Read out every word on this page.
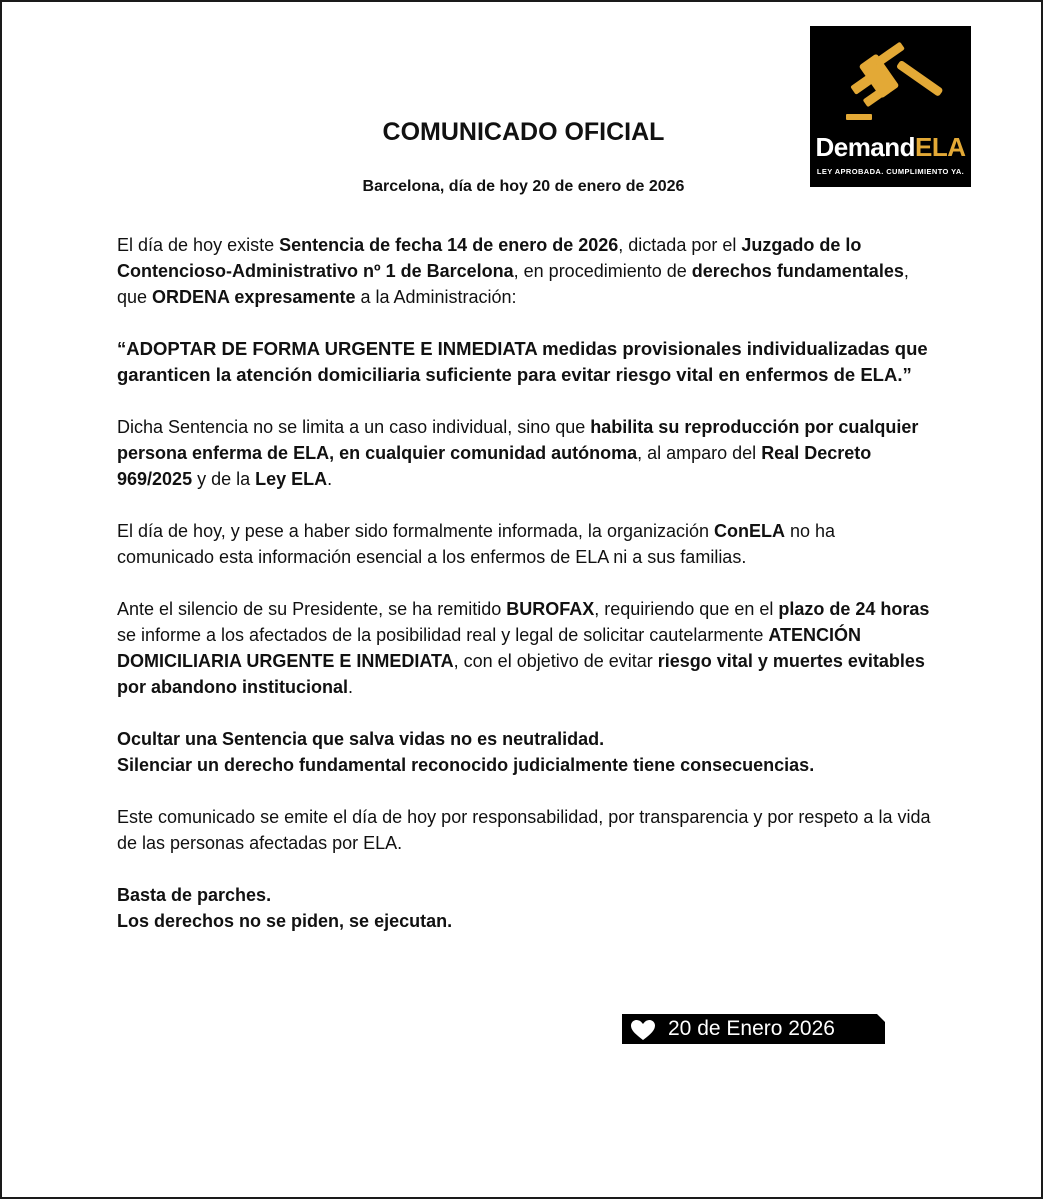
DemandELA
LEY APROBADA. CUMPLIMIENTO YA.
COMUNICADO OFICIAL
Barcelona, día de hoy 20 de enero de 2026

El día de hoy existe Sentencia de fecha 14 de enero de 2026, dictada por el Juzgado de lo Contencioso-Administrativo nº 1 de Barcelona, en procedimiento de derechos fundamentales, que ORDENA expresamente a la Administración:

“ADOPTAR DE FORMA URGENTE E INMEDIATA medidas provisionales individualizadas que garanticen la atención domiciliaria suficiente para evitar riesgo vital en enfermos de ELA.”

Dicha Sentencia no se limita a un caso individual, sino que habilita su reproducción por cualquier persona enferma de ELA, en cualquier comunidad autónoma, al amparo del Real Decreto 969/2025 y de la Ley ELA.

El día de hoy, y pese a haber sido formalmente informada, la organización ConELA no ha comunicado esta información esencial a los enfermos de ELA ni a sus familias.

Ante el silencio de su Presidente, se ha remitido BUROFAX, requiriendo que en el plazo de 24 horas se informe a los afectados de la posibilidad real y legal de solicitar cautelarmente ATENCIÓN DOMICILIARIA URGENTE E INMEDIATA, con el objetivo de evitar riesgo vital y muertes evitables por abandono institucional.

Ocultar una Sentencia que salva vidas no es neutralidad.
Silenciar un derecho fundamental reconocido judicialmente tiene consecuencias.

Este comunicado se emite el día de hoy por responsabilidad, por transparencia y por respeto a la vida de las personas afectadas por ELA.

Basta de parches.
Los derechos no se piden, se ejecutan.

20 de Enero 2026
